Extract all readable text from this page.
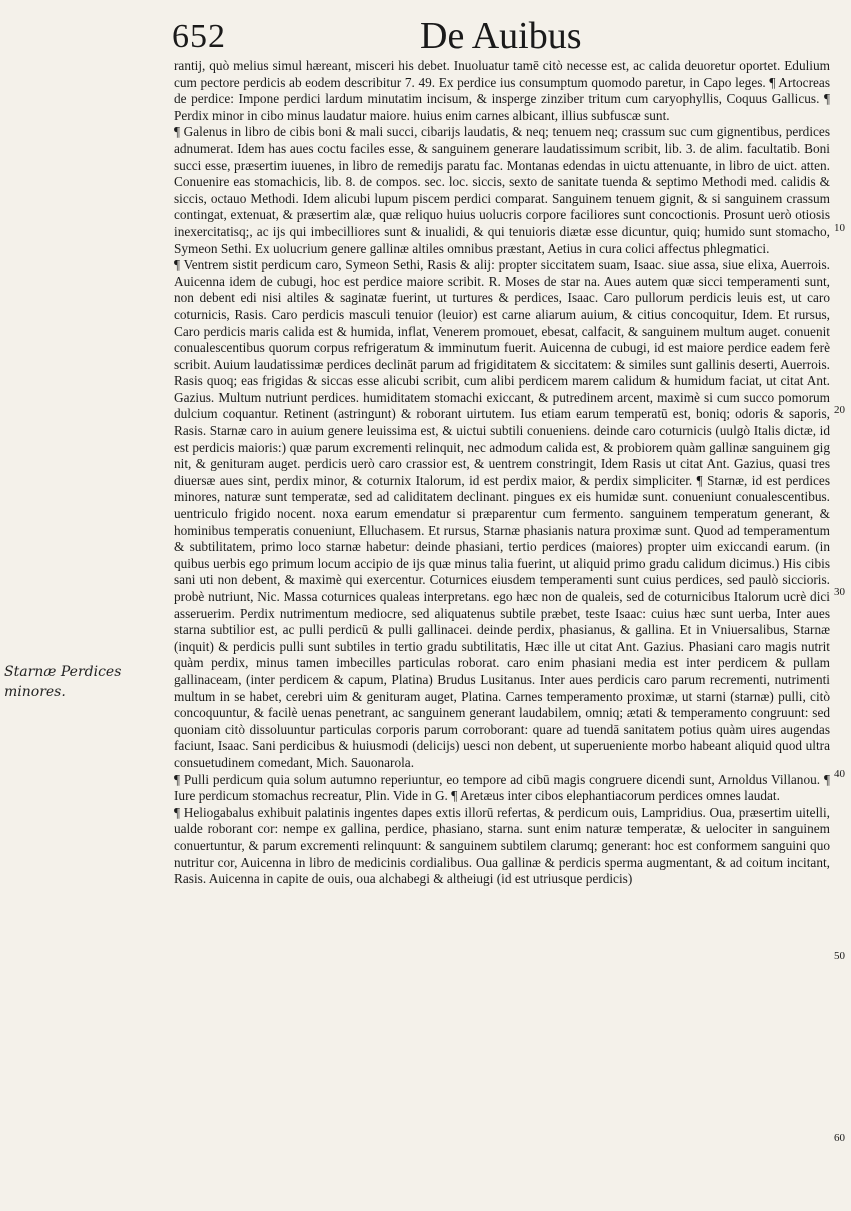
652	De Auibus

rantij, quò melius simul hæreant, misceri his debet. Inuoluatur tamē citò necesse est, ac calida deuoretur oportet. Edulium cum pectore perdicis ab eodem describitur 7. 49. Ex perdice ius consumptum quomodo paretur, in Capo leges. ¶ Artocreas de perdice: Impone perdici lardum minutatim incisum, & insperge zinziber tritum cum caryophyllis, Coquus Gallicus. ¶ Perdix minor in cibo minus laudatur maiore. huius enim carnes albicant, illius subfuscæ sunt.

¶ Galenus in libro de cibis boni & mali succi, cibarijs laudatis, & neq; tenuem neq; crassum suc cum gignentibus, perdices adnumerat. Idem has aues coctu faciles esse, & sanguinem generare laudatissimum scribit, lib. 3. de alim. facultatib. Boni succi esse, præsertim iuuenes, in libro de remedijs paratu fac. Montanas edendas in uictu attenuante, in libro de uict. atten. Conuenire eas stomachicis, lib. 8. de compos. sec. loc. siccis, sexto de sanitate tuenda & septimo Methodi med. calidis & siccis, octauo Methodi. Idem alicubi lupum piscem perdici comparat. Sanguinem tenuem gignit, & si sanguinem crassum contingat, extenuat, & præsertim alæ, quæ reliquo huius uolucris corpore faciliores sunt concoctionis. Prosunt uerò otiosis inexercitatisq;, ac ijs qui imbecilliores sunt & inualidi, & qui tenuioris diætæ esse dicuntur, quiq; humido sunt stomacho, Symeon Sethi. Ex uolucrium genere gallinæ altiles omnibus præstant, Aetius in cura colici affectus phlegmatici.

¶ Ventrem sistit perdicum caro, Symeon Sethi, Rasis & alij: propter siccitatem suam, Isaac. siue assa, siue elixa, Auerrois. Auicenna idem de cubugi, hoc est perdice maiore scribit. R. Moses de star na. Aues autem quæ sicci temperamenti sunt, non debent edi nisi altiles & saginatæ fuerint, ut turtures & perdices, Isaac. Caro pullorum perdicis leuis est, ut caro coturnicis, Rasis. Caro perdicis masculi tenuior (leuior) est carne aliarum auium, & citius concoquitur, Idem. Et rursus, Caro perdicis maris calida est & humida, inflat, Venerem promouet, ebesat, calfacit, & sanguinem multum auget. conuenit conualescentibus quorum corpus refrigeratum & imminutum fuerit. Auicenna de cubugi, id est maiore perdice eadem ferè scribit. Auium laudatissimæ perdices declināt parum ad frigiditatem & siccitatem: & similes sunt gallinis deserti, Auerrois. Rasis quoq; eas frigidas & siccas esse alicubi scribit, cum alibi perdicem marem calidum & humidum faciat, ut citat Ant. Gazius. Multum nutriunt perdices. humiditatem stomachi exiccant, & putredinem arcent, maximè si cum succo pomorum dulcium coquantur. Retinent (astringunt) & roborant uirtutem. Ius etiam earum temperatū est, boniq; odoris & saporis, Rasis. Starnæ caro in auium genere leuissima est, & uictui subtili conueniens. deinde caro coturnicis (uulgò Italis dictæ, id est perdicis maioris:) quæ parum excrementi relinquit, nec admodum calida est, & probiorem quàm gallinæ sanguinem gig nit, & genituram auget. perdicis uerò caro crassior est, & uentrem constringit, Idem Rasis ut citat Ant. Gazius, quasi tres diuersæ aues sint, perdix minor, & coturnix Italorum, id est perdix maior, & perdix simpliciter. ¶ Starnæ, id est perdices minores, naturæ sunt temperatæ, sed ad caliditatem declinant. pingues ex eis humidæ sunt. conueniunt conualescentibus. uentriculo frigido nocent. noxa earum emendatur si præparentur cum fermento. sanguinem temperatum generant, & hominibus temperatis conueniunt, Elluchasem. Et rursus, Starnæ phasianis natura proximæ sunt. Quod ad temperamentum & subtilitatem, primo loco starnæ habetur: deinde phasiani, tertio perdices (maiores) propter uim exiccandi earum. (in quibus uerbis ego primum locum accipio de ijs quæ minus talia fuerint, ut aliquid primo gradu calidum dicimus.) His cibis sani uti non debent, & maximè qui exercentur. Coturnices eiusdem temperamenti sunt cuius perdices, sed paulò siccioris. probè nutriunt, Nic. Massa coturnices qualeas interpretans. ego hæc non de qualeis, sed de coturnicibus Italorum ucrè dici asseruerim. Perdix nutrimentum mediocre, sed aliquatenus subtile præbet, teste Isaac: cuius hæc sunt uerba, Inter aues starna subtilior est, ac pulli perdicū & pulli gallinacei. deinde perdix, phasianus, & gallina. Et in Vniuersalibus, Starnæ (inquit) & perdicis pulli sunt subtiles in tertio gradu subtilitatis, Hæc ille ut citat Ant. Gazius. Phasiani caro magis nutrit quàm perdix, minus tamen imbecilles particulas roborat. caro enim phasiani media est inter perdicem & pullam gallinaceam, (inter perdicem & capum, Platina) Brudus Lusitanus. Inter aues perdicis caro parum recrementi, nutrimenti multum in se habet, cerebri uim & genituram auget, Platina. Carnes temperamento proximæ, ut starni (starnæ) pulli, citò concoquuntur, & facilè uenas penetrant, ac sanguinem generant laudabilem, omniq; ætati & temperamento congruunt: sed quoniam citò dissoluuntur particulas corporis parum corroborant: quare ad tuendā sanitatem potius quàm uires augendas faciunt, Isaac. Sani perdicibus & huiusmodi (delicijs) uesci non debent, ut superueniente morbo habeant aliquid quod ultra consuetudinem comedant, Mich. Sauonarola.

¶ Pulli perdicum quia solum autumno reperiuntur, eo tempore ad cibū magis congruere dicendi sunt, Arnoldus Villanou. ¶ Iure perdicum stomachus recreatur, Plin. Vide in G. ¶ Aretæus inter cibos elephantiacorum perdices omnes laudat.

¶ Heliogabalus exhibuit palatinis ingentes dapes extis illorū refertas, & perdicum ouis, Lampridius. Oua, præsertim uitelli, ualde roborant cor: nempe ex gallina, perdice, phasiano, starna. sunt enim naturæ temperatæ, & uelociter in sanguinem conuertuntur, & parum excrementi relinquunt: & sanguinem subtilem clarumq; generant: hoc est conformem sanguini quo nutritur cor, Auicenna in libro de medicinis cordialibus. Oua gallinæ & perdicis sperma augmentant, & ad coitum incitant, Rasis. Auicenna in capite de ouis, oua alchabegi & altheiugi (id est utriusque perdicis)

10
20
30
40
50
60
Starnæ Perdices minores.
